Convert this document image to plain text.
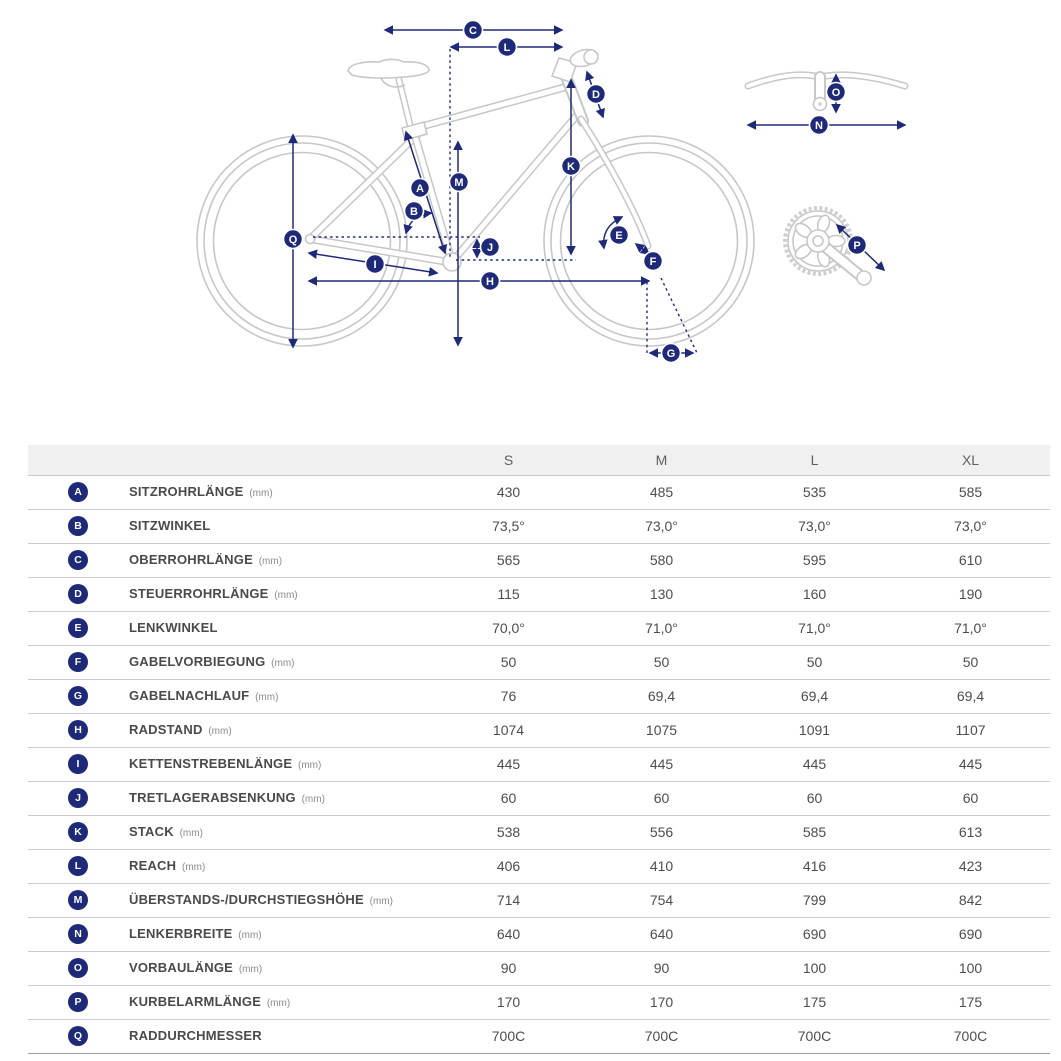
A
B
C
D
E
F
G
H
I
J
K
L
M
N
O
P
Q
		S	M	L	XL
A	SITZROHRLÄNGE (mm)	430	485	535	585
B	SITZWINKEL	73,5°	73,0°	73,0°	73,0°
C	OBERROHRLÄNGE (mm)	565	580	595	610
D	STEUERROHRLÄNGE (mm)	115	130	160	190
E	LENKWINKEL	70,0°	71,0°	71,0°	71,0°
F	GABELVORBIEGUNG (mm)	50	50	50	50
G	GABELNACHLAUF (mm)	76	69,4	69,4	69,4
H	RADSTAND (mm)	1074	1075	1091	1107
I	KETTENSTREBENLÄNGE (mm)	445	445	445	445
J	TRETLAGERABSENKUNG (mm)	60	60	60	60
K	STACK (mm)	538	556	585	613
L	REACH (mm)	406	410	416	423
M	ÜBERSTANDS-/DURCHSTIEGSHÖHE (mm)	714	754	799	842
N	LENKERBREITE (mm)	640	640	690	690
O	VORBAULÄNGE (mm)	90	90	100	100
P	KURBELARMLÄNGE (mm)	170	170	175	175
Q	RADDURCHMESSER	700C	700C	700C	700C
